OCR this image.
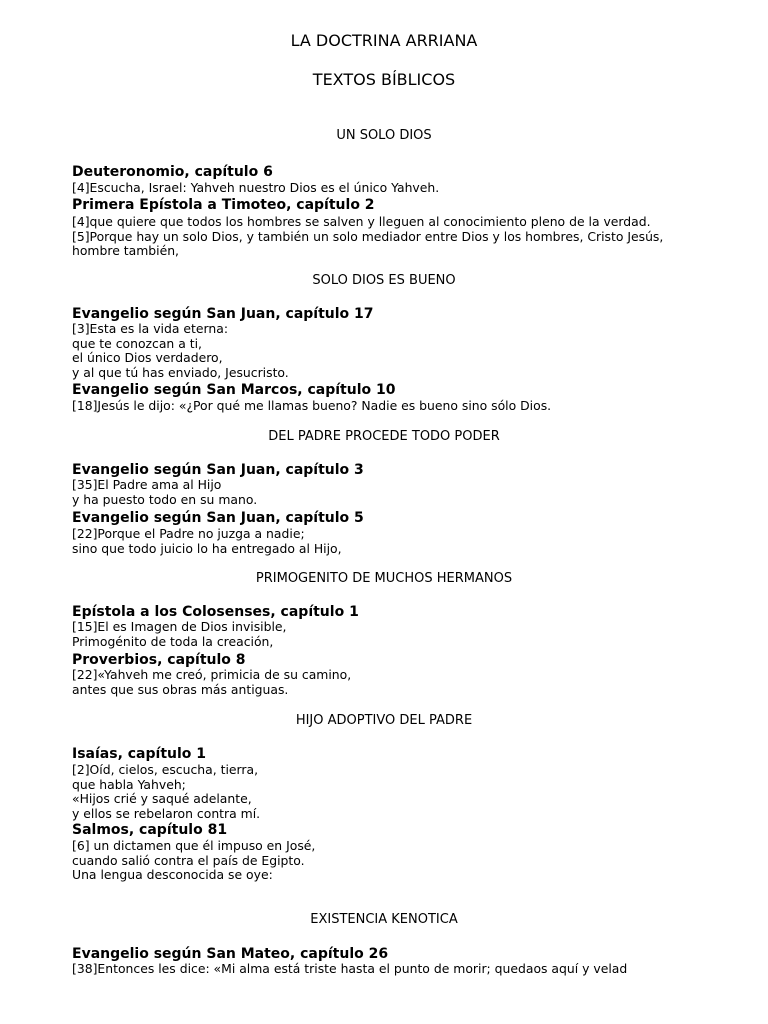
LA DOCTRINA ARRIANA
TEXTOS BÍBLICOS
UN SOLO DIOS

Deuteronomio, capítulo 6

[4]Escucha, Israel: Yahveh nuestro Dios es el único Yahveh.

Primera Epístola a Timoteo, capítulo 2

[4]que quiere que todos los hombres se salven y lleguen al conocimiento pleno de la verdad.
[5]Porque hay un solo Dios, y también un solo mediador entre Dios y los hombres, Cristo Jesús,
hombre también,

SOLO DIOS ES BUENO

Evangelio según San Juan, capítulo 17

[3]Esta es la vida eterna:
que te conozcan a ti,
el único Dios verdadero,
y al que tú has enviado, Jesucristo.

Evangelio según San Marcos, capítulo 10

[18]Jesús le dijo: «¿Por qué me llamas bueno? Nadie es bueno sino sólo Dios.

DEL PADRE PROCEDE TODO PODER

Evangelio según San Juan, capítulo 3

[35]El Padre ama al Hijo
y ha puesto todo en su mano.

Evangelio según San Juan, capítulo 5

[22]Porque el Padre no juzga a nadie;
sino que todo juicio lo ha entregado al Hijo,

PRIMOGENITO DE MUCHOS HERMANOS

Epístola a los Colosenses, capítulo 1

[15]El es Imagen de Dios invisible,
Primogénito de toda la creación,

Proverbios, capítulo 8

[22]«Yahveh me creó, primicia de su camino,
antes que sus obras más antiguas.

HIJO ADOPTIVO DEL PADRE

Isaías, capítulo 1

[2]Oíd, cielos, escucha, tierra,
que habla Yahveh;
«Hijos crié y saqué adelante,
y ellos se rebelaron contra mí.

Salmos, capítulo 81

[6] un dictamen que él impuso en José,
cuando salió contra el país de Egipto.
Una lengua desconocida se oye:

EXISTENCIA KENOTICA

Evangelio según San Mateo, capítulo 26

[38]Entonces les dice: «Mi alma está triste hasta el punto de morir; quedaos aquí y velad
